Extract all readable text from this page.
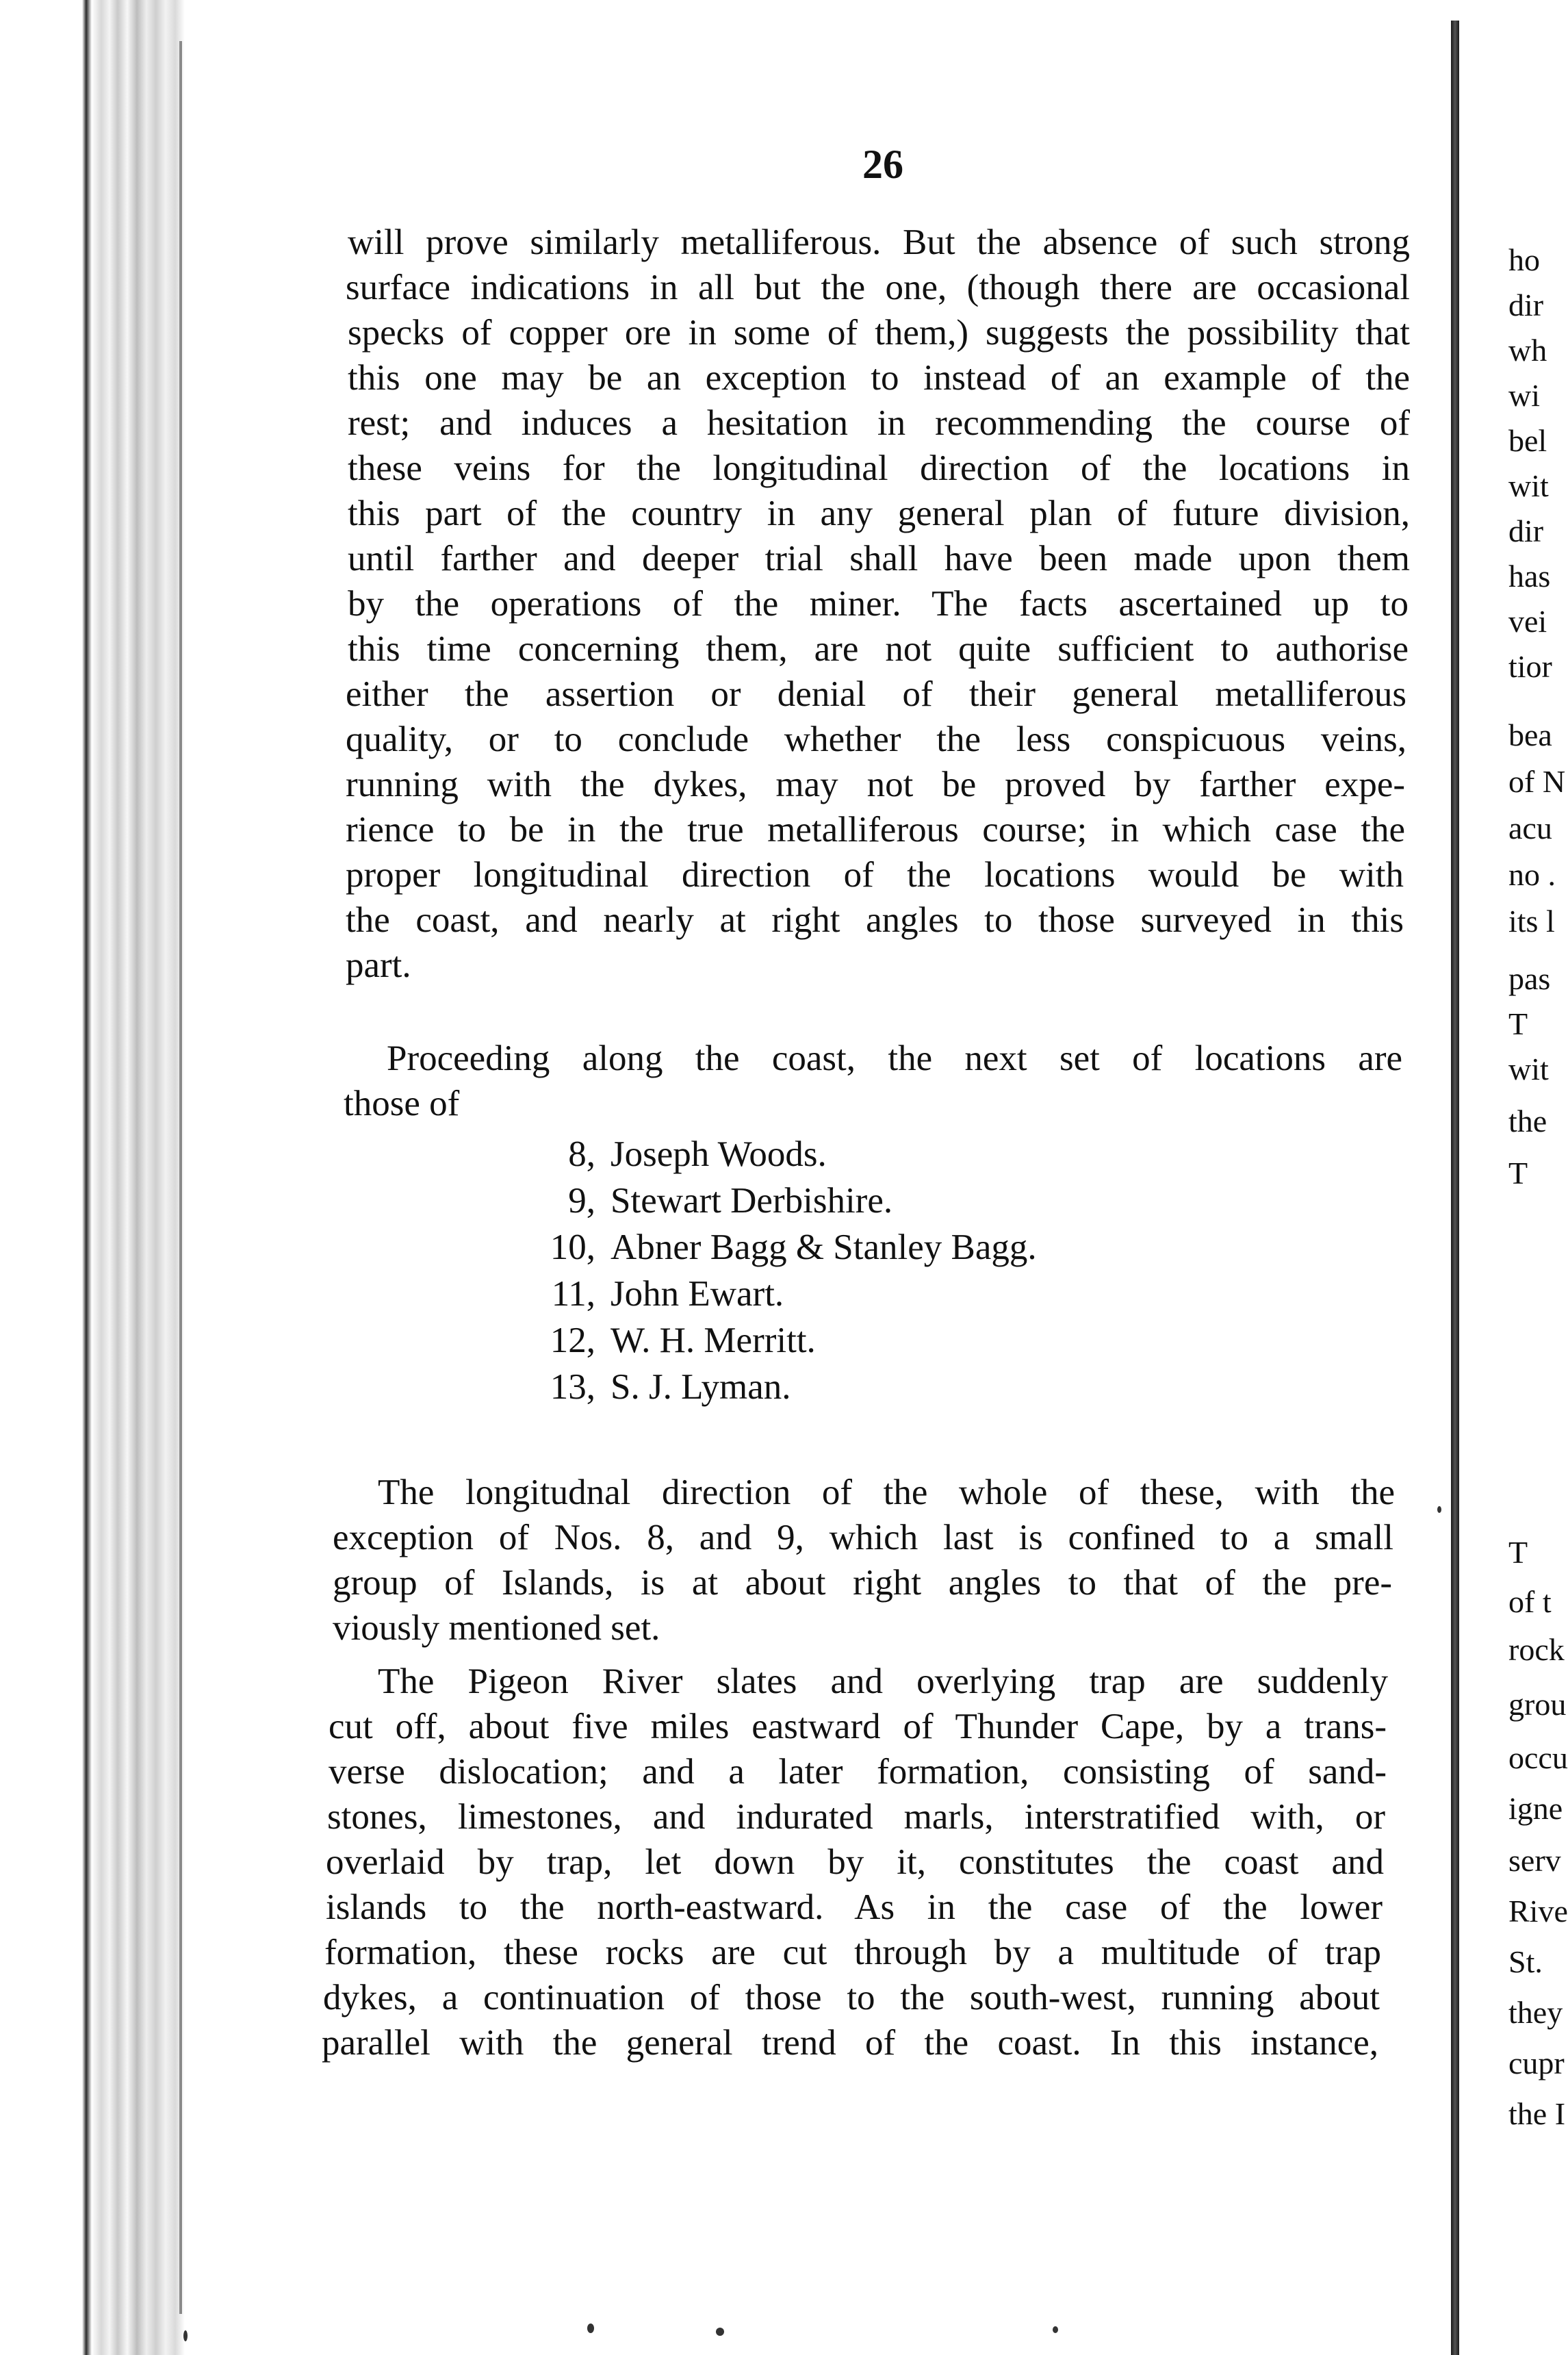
26
will prove similarly metalliferous. But the absence of such strong
surface indications in all but the one, (though there are occasional
specks of copper ore in some of them,) suggests the possibility that
this one may be an exception to instead of an example of the
rest; and induces a hesitation in recommending the course of
these veins for the longitudinal direction of the locations in
this part of the country in any general plan of future division,
until farther and deeper trial shall have been made upon them
by the operations of the miner. The facts ascertained up to
this time concerning them, are not quite sufficient to authorise
either the assertion or denial of their general metalliferous
quality, or to conclude whether the less conspicuous veins,
running with the dykes, may not be proved by farther expe-
rience to be in the true metalliferous course; in which case the
proper longitudinal direction of the locations would be with
the coast, and nearly at right angles to those surveyed in this
part.
Proceeding along the coast, the next set of locations are
those of
8, Joseph Woods.
9, Stewart Derbishire.
10, Abner Bagg & Stanley Bagg.
11, John Ewart.
12, W. H. Merritt.
13, S. J. Lyman.
The longitudnal direction of the whole of these, with the
exception of Nos. 8, and 9, which last is confined to a small
group of Islands, is at about right angles to that of the pre-
viously mentioned set.
The Pigeon River slates and overlying trap are suddenly
cut off, about five miles eastward of Thunder Cape, by a trans-
verse dislocation; and a later formation, consisting of sand-
stones, limestones, and indurated marls, interstratified with, or
overlaid by trap, let down by it, constitutes the coast and
islands to the north-eastward. As in the case of the lower
formation, these rocks are cut through by a multitude of trap
dykes, a continuation of those to the south-west, running about
parallel with the general trend of the coast. In this instance,
ho
dir
wh
wi
bel
wit
dir
has
vei
tior
bea
of N
acu
no .
its l
pas
T
wit
the
T
T
of t
rock
grou
occu
igne
serv
Rive
St.
they
cupr
the I
